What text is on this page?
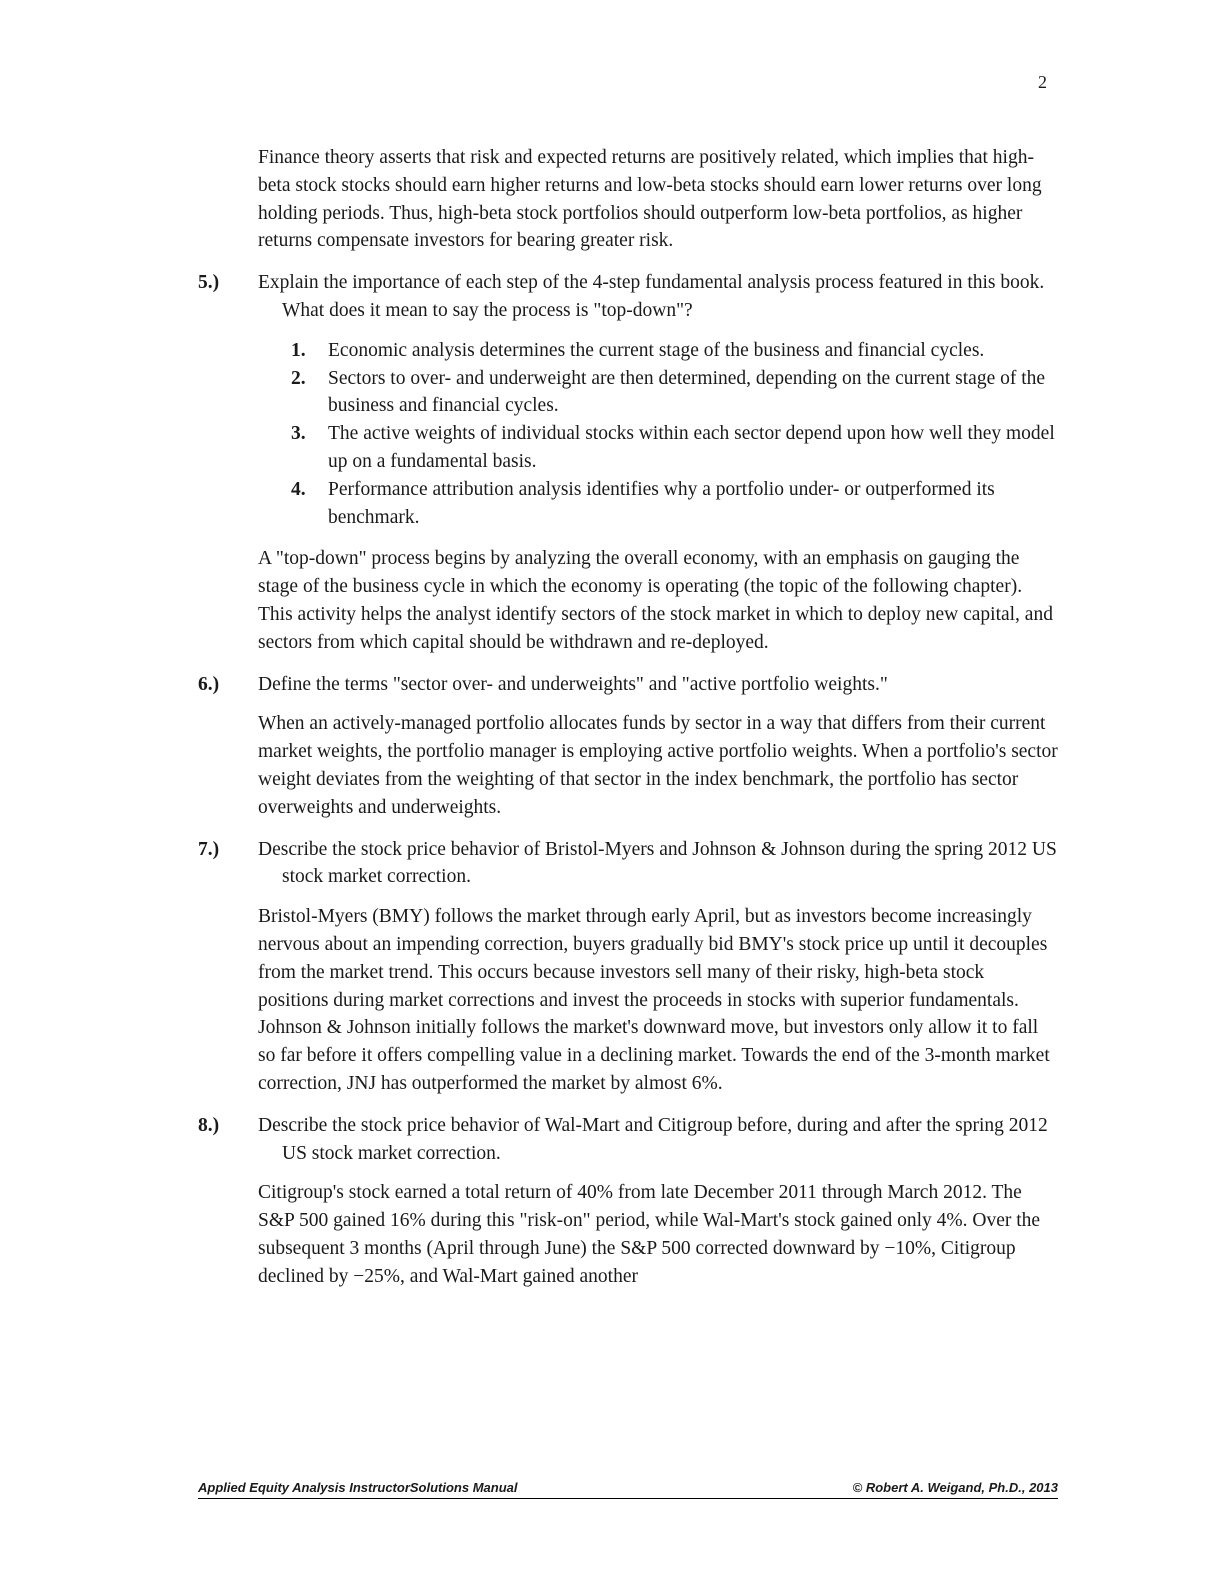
2

Finance theory asserts that risk and expected returns are positively related, which implies that high-beta stock stocks should earn higher returns and low-beta stocks should earn lower returns over long holding periods. Thus, high-beta stock portfolios should outperform low-beta portfolios, as higher returns compensate investors for bearing greater risk.

5.) Explain the importance of each step of the 4-step fundamental analysis process featured in this book. What does it mean to say the process is "top-down"?
1. Economic analysis determines the current stage of the business and financial cycles.
2. Sectors to over- and underweight are then determined, depending on the current stage of the business and financial cycles.
3. The active weights of individual stocks within each sector depend upon how well they model up on a fundamental basis.
4. Performance attribution analysis identifies why a portfolio under- or outperformed its benchmark.

A "top-down" process begins by analyzing the overall economy, with an emphasis on gauging the stage of the business cycle in which the economy is operating (the topic of the following chapter). This activity helps the analyst identify sectors of the stock market in which to deploy new capital, and sectors from which capital should be withdrawn and re-deployed.

6.) Define the terms "sector over- and underweights" and "active portfolio weights."

When an actively-managed portfolio allocates funds by sector in a way that differs from their current market weights, the portfolio manager is employing active portfolio weights. When a portfolio's sector weight deviates from the weighting of that sector in the index benchmark, the portfolio has sector overweights and underweights.

7.) Describe the stock price behavior of Bristol-Myers and Johnson & Johnson during the spring 2012 US stock market correction.

Bristol-Myers (BMY) follows the market through early April, but as investors become increasingly nervous about an impending correction, buyers gradually bid BMY's stock price up until it decouples from the market trend. This occurs because investors sell many of their risky, high-beta stock positions during market corrections and invest the proceeds in stocks with superior fundamentals. Johnson & Johnson initially follows the market's downward move, but investors only allow it to fall so far before it offers compelling value in a declining market. Towards the end of the 3-month market correction, JNJ has outperformed the market by almost 6%.

8.) Describe the stock price behavior of Wal-Mart and Citigroup before, during and after the spring 2012 US stock market correction.

Citigroup's stock earned a total return of 40% from late December 2011 through March 2012. The S&P 500 gained 16% during this "risk-on" period, while Wal-Mart's stock gained only 4%. Over the subsequent 3 months (April through June) the S&P 500 corrected downward by −10%, Citigroup declined by −25%, and Wal-Mart gained another

Applied Equity Analysis InstructorSolutions Manual	© Robert A. Weigand, Ph.D., 2013
